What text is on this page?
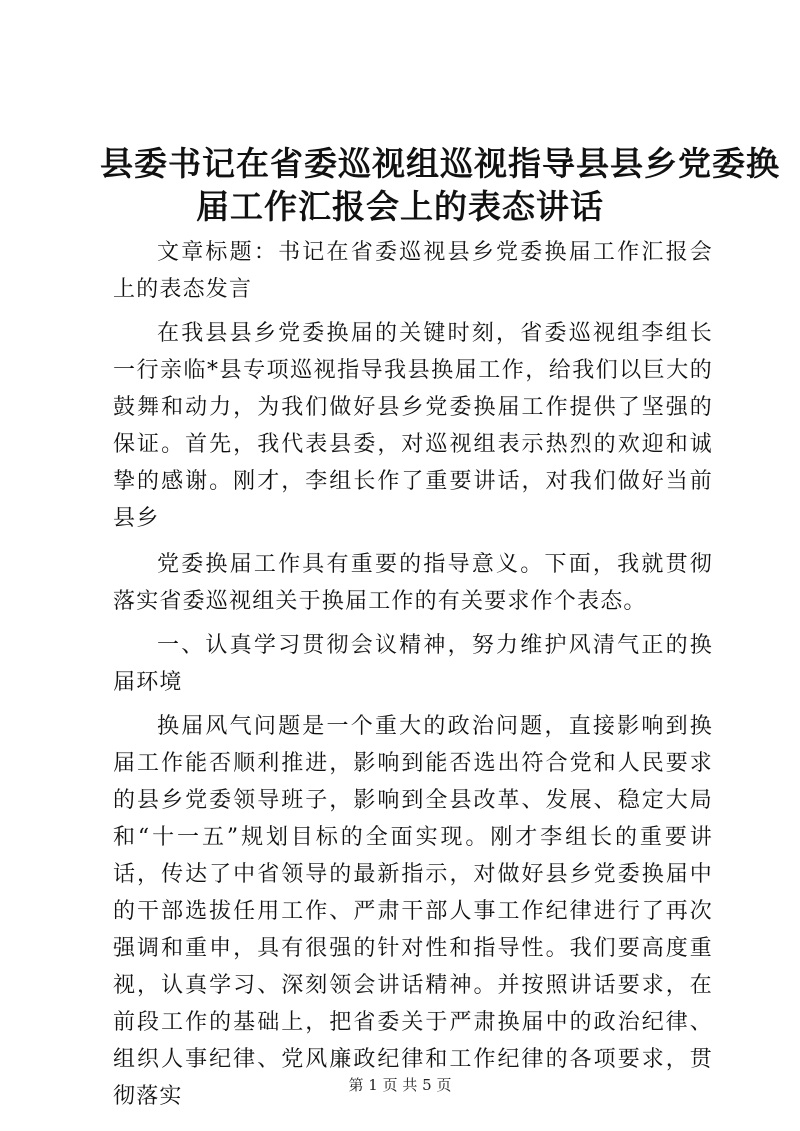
县委书记在省委巡视组巡视指导县县乡党委换
届工作汇报会上的表态讲话

文章标题：书记在省委巡视县乡党委换届工作汇报会上的表态发言

在我县县乡党委换届的关键时刻，省委巡视组李组长一行亲临*县专项巡视指导我县换届工作，给我们以巨大的鼓舞和动力，为我们做好县乡党委换届工作提供了坚强的保证。首先，我代表县委，对巡视组表示热烈的欢迎和诚挚的感谢。刚才，李组长作了重要讲话，对我们做好当前县乡

党委换届工作具有重要的指导意义。下面，我就贯彻落实省委巡视组关于换届工作的有关要求作个表态。

一、认真学习贯彻会议精神，努力维护风清气正的换届环境

换届风气问题是一个重大的政治问题，直接影响到换届工作能否顺利推进，影响到能否选出符合党和人民要求的县乡党委领导班子，影响到全县改革、发展、稳定大局和“十一五”规划目标的全面实现。刚才李组长的重要讲话，传达了中省领导的最新指示，对做好县乡党委换届中的干部选拔任用工作、严肃干部人事工作纪律进行了再次强调和重申，具有很强的针对性和指导性。我们要高度重视，认真学习、深刻领会讲话精神。并按照讲话要求，在前段工作的基础上，把省委关于严肃换届中的政治纪律、组织人事纪律、党风廉政纪律和工作纪律的各项要求，贯彻落实	第 1 页 共 5 页
